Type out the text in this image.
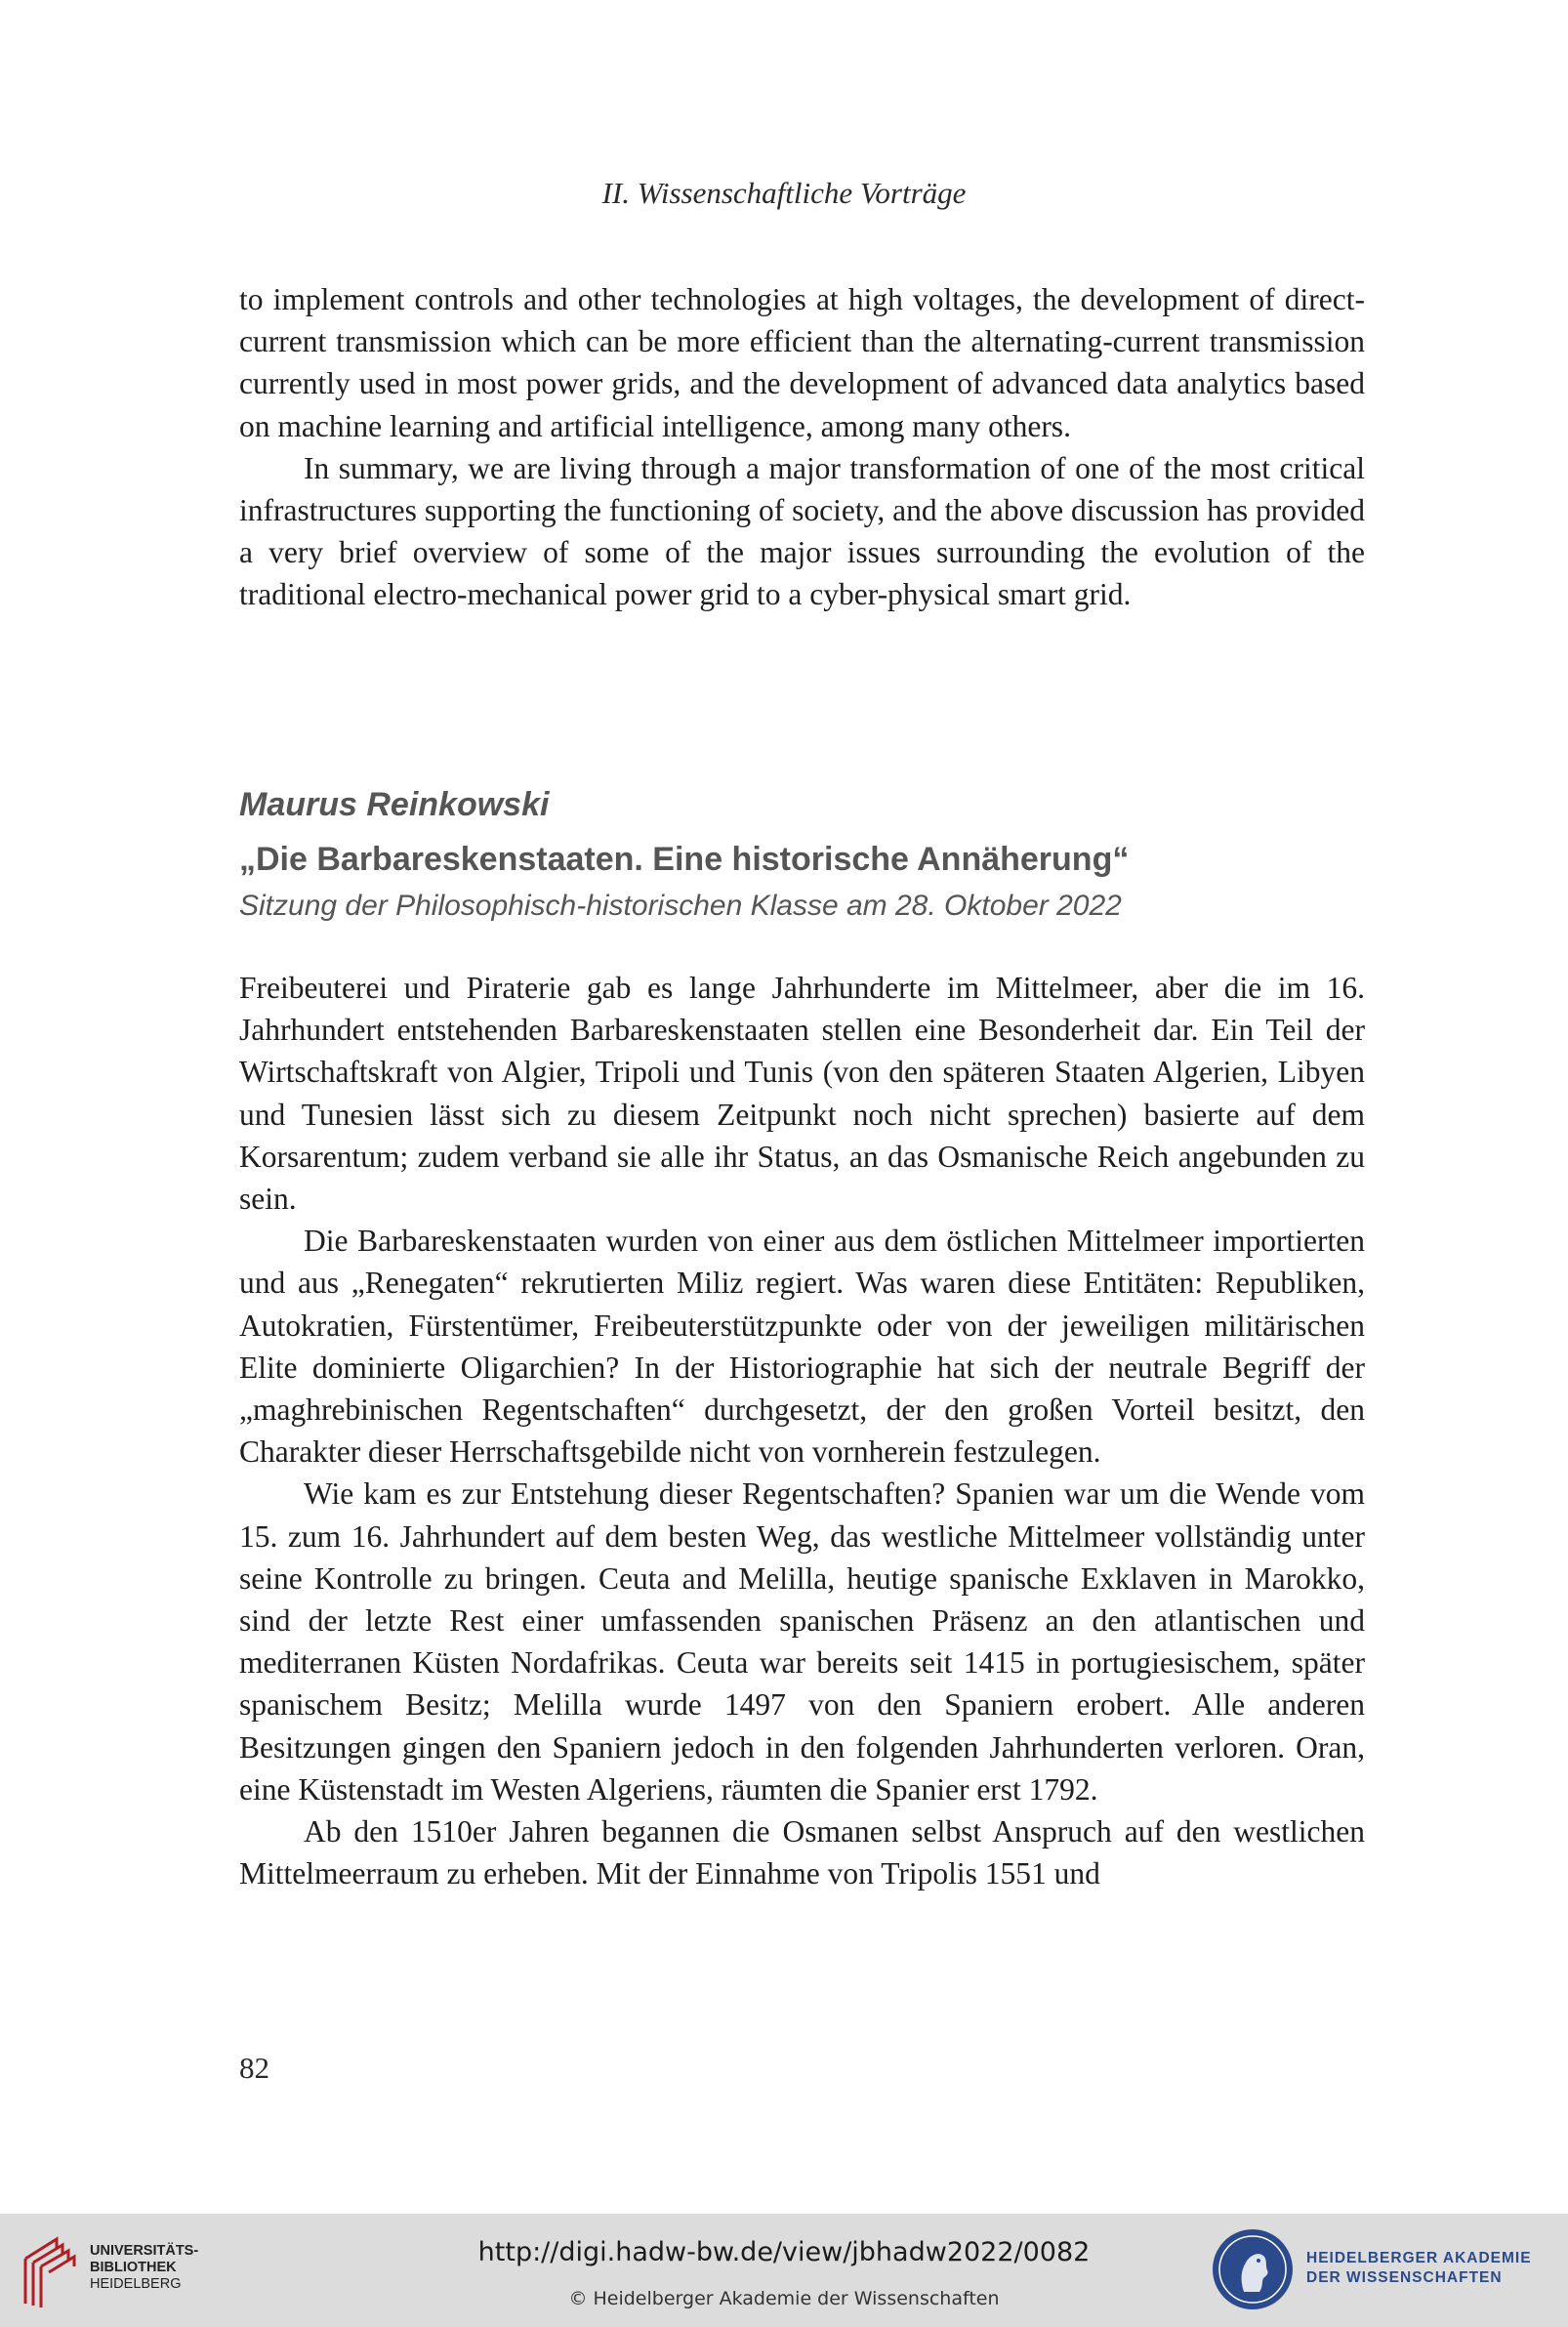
II. Wissenschaftliche Vorträge

to implement controls and other technologies at high voltages, the development of direct-current transmission which can be more efficient than the alternating-current transmission currently used in most power grids, and the development of advanced data analytics based on machine learning and artificial intelligence, among many others.

In summary, we are living through a major transformation of one of the most critical infrastructures supporting the functioning of society, and the above discussion has provided a very brief overview of some of the major issues surrounding the evolution of the traditional electro-mechanical power grid to a cyber-physical smart grid.

Maurus Reinkowski
„Die Barbareskenstaaten. Eine historische Annäherung“
Sitzung der Philosophisch-historischen Klasse am 28. Oktober 2022

Freibeuterei und Piraterie gab es lange Jahrhunderte im Mittelmeer, aber die im 16. Jahrhundert entstehenden Barbareskenstaaten stellen eine Besonderheit dar. Ein Teil der Wirtschaftskraft von Algier, Tripoli und Tunis (von den späteren Staaten Algerien, Libyen und Tunesien lässt sich zu diesem Zeitpunkt noch nicht sprechen) basierte auf dem Korsarentum; zudem verband sie alle ihr Status, an das Osmanische Reich angebunden zu sein.

Die Barbareskenstaaten wurden von einer aus dem östlichen Mittelmeer importierten und aus „Renegaten“ rekrutierten Miliz regiert. Was waren diese Entitäten: Republiken, Autokratien, Fürstentümer, Freibeuterstützpunkte oder von der jeweiligen militärischen Elite dominierte Oligarchien? In der Historiographie hat sich der neutrale Begriff der „maghrebinischen Regentschaften“ durchgesetzt, der den großen Vorteil besitzt, den Charakter dieser Herrschaftsgebilde nicht von vornherein festzulegen.

Wie kam es zur Entstehung dieser Regentschaften? Spanien war um die Wende vom 15. zum 16. Jahrhundert auf dem besten Weg, das westliche Mittelmeer vollständig unter seine Kontrolle zu bringen. Ceuta and Melilla, heutige spanische Exklaven in Marokko, sind der letzte Rest einer umfassenden spanischen Präsenz an den atlantischen und mediterranen Küsten Nordafrikas. Ceuta war bereits seit 1415 in portugiesischem, später spanischem Besitz; Melilla wurde 1497 von den Spaniern erobert. Alle anderen Besitzungen gingen den Spaniern jedoch in den folgenden Jahrhunderten verloren. Oran, eine Küstenstadt im Westen Algeriens, räumten die Spanier erst 1792.

Ab den 1510er Jahren begannen die Osmanen selbst Anspruch auf den westlichen Mittelmeerraum zu erheben. Mit der Einnahme von Tripolis 1551 und

82
UNIVERSITÄTS-
BIBLIOTHEK
HEIDELBERG
http://digi.hadw-bw.de/view/jbhadw2022/0082
© Heidelberger Akademie der Wissenschaften
HEIDELBERGER AKADEMIE
DER WISSENSCHAFTEN
